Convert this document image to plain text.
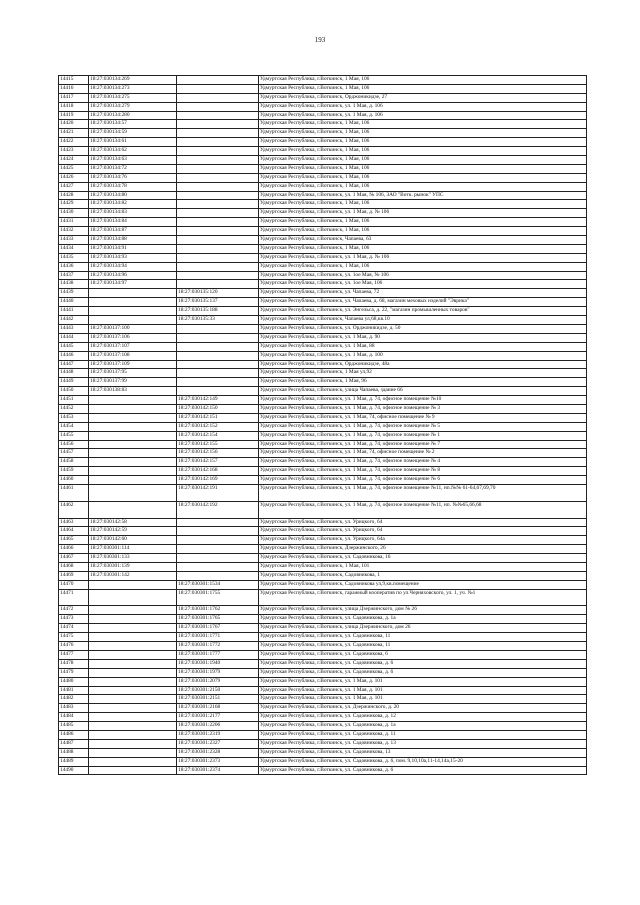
193
14415	18:27:030134:269		Удмуртская Республика, г.Воткинск, 1 Мая, 106
14416	18:27:030134:273		Удмуртская Республика, г.Воткинск, 1 Мая, 106
14417	18:27:030134:275		Удмуртская Республика, г.Воткинск, Орджоникидзе, 27
14418	18:27:030134:279		Удмуртская Республика, г.Воткинск, ул. 1 Мая, д. 106
14419	18:27:030134:280		Удмуртская Республика, г.Воткинск, ул. 1 Мая, д. 106
14420	18:27:030134:57		Удмуртская Республика, г.Воткинск, 1 Мая, 106
14421	18:27:030134:59		Удмуртская Республика, г.Воткинск, 1 Мая, 106
14422	18:27:030134:61		Удмуртская Республика, г.Воткинск, 1 Мая, 106
14423	18:27:030134:62		Удмуртская Республика, г.Воткинск, 1 Мая, 106
14424	18:27:030134:63		Удмуртская Республика, г.Воткинск, 1 Мая, 106
14425	18:27:030134:72		Удмуртская Республика, г.Воткинск, 1 Мая, 106
14426	18:27:030134:76		Удмуртская Республика, г.Воткинск, 1 Мая, 106
14427	18:27:030134:78		Удмуртская Республика, г.Воткинск, 1 Мая, 106
14428	18:27:030134:80		Удмуртская Республика, г.Воткинск, ул. 1 Мая, № 106, ЗАО "Вотк. рынок" УПС
14429	18:27:030134:82		Удмуртская Республика, г.Воткинск, 1 Мая, 106
14430	18:27:030134:83		Удмуртская Республика, г.Воткинск, ул. 1 Мая, д. № 106
14431	18:27:030134:84		Удмуртская Республика, г.Воткинск, 1 Мая, 106
14432	18:27:030134:87		Удмуртская Республика, г.Воткинск, 1 Мая, 106
14433	18:27:030134:88		Удмуртская Республика, г.Воткинск, Чапаева, 63
14434	18:27:030134:91		Удмуртская Республика, г.Воткинск, 1 Мая, 106
14435	18:27:030134:93		Удмуртская Республика, г.Воткинск, ул. 1 Мая, д. № 106
14436	18:27:030134:94		Удмуртская Республика, г.Воткинск, 1 Мая, 106
14437	18:27:030134:96		Удмуртская Республика, г.Воткинск, ул. 1ое Мая, № 106
14438	18:27:030134:97		Удмуртская Республика, г.Воткинск, ул. 1ое Мая, 106
14439		18:27:030135:120	Удмуртская Республика, г.Воткинск, ул. Чапаева, 72
14440		18:27:030135:137	Удмуртская Республика, г.Воткинск, ул. Чапаева, д. 68, магазин меховых изделий "Эврика"
14441		18:27:030135:188	Удмуртская Республика, г.Воткинск, ул. Энгельса, д. 22, "магазин промышленных товаров"
14442		18:27:030135:33	Удмуртская Республика, г.Воткинск, Чапаева ул,68,кв.10
14443	18:27:030137:100		Удмуртская Республика, г.Воткинск, ул. Орджоникидзе, д. 50
14444	18:27:030137:106		Удмуртская Республика, г.Воткинск, ул. 1 Мая, д. 90
14445	18:27:030137:107		Удмуртская Республика, г.Воткинск, ул. 1 Мая, 88
14446	18:27:030137:108		Удмуртская Республика, г.Воткинск, ул. 1 Мая, д. 100
14447	18:27:030137:109		Удмуртская Республика, г.Воткинск, Орджоникидзе, 48а
14448	18:27:030137:95		Удмуртская Республика, г.Воткинск, 1 Мая ул,92
14449	18:27:030137:99		Удмуртская Республика, г.Воткинск, 1 Мая, 96
14450	18:27:030138:83		Удмуртская Республика, г.Воткинск, улица Чапаева, здание 66
14451		18:27:030142:149	Удмуртская Республика, г.Воткинск, ул. 1 Мая, д. 74, офисное помещение №10
14452		18:27:030142:150	Удмуртская Республика, г.Воткинск, ул. 1 Мая, д. 74, офисное помещение № 3
14453		18:27:030142:151	Удмуртская Республика, г.Воткинск, ул. 1 Мая, 74, офисное помещение № 9
14454		18:27:030142:152	Удмуртская Республика, г.Воткинск, ул. 1 Мая, д. 74, офисное помещение № 5
14455		18:27:030142:154	Удмуртская Республика, г.Воткинск, ул. 1 Мая, д. 74, офисное помещение № 1
14456		18:27:030142:155	Удмуртская Республика, г.Воткинск, ул. 1 Мая, д. 74, офисное помещение № 7
14457		18:27:030142:156	Удмуртская Республика, г.Воткинск, ул. 1 Мая, 74, офисное помещение № 2
14458		18:27:030142:157	Удмуртская Республика, г.Воткинск, ул. 1 Мая, д. 74, офисное помещение № 4
14459		18:27:030142:168	Удмуртская Республика, г.Воткинск, ул. 1 Мая, д. 74, офисное помещение № 8
14460		18:27:030142:169	Удмуртская Республика, г.Воткинск, ул. 1 Мая, д. 74, офисное помещение № 6
14461		18:27:030142:191	Удмуртская Республика, г.Воткинск, ул. 1 Мая, д. 74, офисное помещение №11, нп.№№ 61-64,67,69,70
14462		18:27:030142:192	Удмуртская Республика, г.Воткинск, ул. 1 Мая, д. 74, офисное помещение №11, нп. №№65,66,68
14463	18:27:030142:58		Удмуртская Республика, г.Воткинск, ул. Урицкого, 64
14464	18:27:030142:59		Удмуртская Республика, г.Воткинск, ул. Урицкого, 64
14465	18:27:030142:60		Удмуртская Республика, г.Воткинск, ул. Урицкого, 64а
14466	18:27:030301:114		Удмуртская Республика, г.Воткинск, Дзержинского, 26
14467	18:27:030301:133		Удмуртская Республика, г.Воткинск, ул. Садовникова, 16
14468	18:27:030301:139		Удмуртская Республика, г.Воткинск, 1 Мая, 101
14469	18:27:030301:142		Удмуртская Республика, г.Воткинск, Садовникова, 1
14470		18:27:030301:1534	Удмуртская Республика, г.Воткинск, Садовникова ул,9,кв.помещение
14471		18:27:030301:1755	Удмуртская Республика, г.Воткинск, гаражный кооператив по ул.Черняховского, ул. 1, уч. №1
14472		18:27:030301:1762	Удмуртская Республика, г.Воткинск, улица Дзержинского, дом № 26
14473		18:27:030301:1765	Удмуртская Республика, г.Воткинск, ул. Садовникова, д. 1а
14474		18:27:030301:1767	Удмуртская Республика, г.Воткинск, улица Дзержинского, дом 26
14475		18:27:030301:1771	Удмуртская Республика, г.Воткинск, ул. Садовникова, 11
14476		18:27:030301:1772	Удмуртская Республика, г.Воткинск, ул. Садовникова, 11
14477		18:27:030301:1777	Удмуртская Республика, г.Воткинск, ул. Садовникова, 6
14478		18:27:030301:1940	Удмуртская Республика, г.Воткинск, ул. Садовникова, д. 6
14479		18:27:030301:1979	Удмуртская Республика, г.Воткинск, ул. Садовникова, д. 6
14480		18:27:030301:2079	Удмуртская Республика, г.Воткинск, ул. 1 Мая, д. 101
14481		18:27:030301:2150	Удмуртская Республика, г.Воткинск, ул. 1 Мая, д. 101
14482		18:27:030301:2151	Удмуртская Республика, г.Воткинск, ул. 1 Мая, д. 101
14483		18:27:030301:2168	Удмуртская Республика, г.Воткинск, ул. Дзержинского, д. 20
14484		18:27:030301:2177	Удмуртская Республика, г.Воткинск, ул. Садовникова, д. 12
14485		18:27:030301:2206	Удмуртская Республика, г.Воткинск, ул. Садовникова, д. 1а
14486		18:27:030301:2319	Удмуртская Республика, г.Воткинск, ул. Садовникова, д. 11
14487		18:27:030301:2327	Удмуртская Республика, г.Воткинск, ул. Садовникова, д. 13
14488		18:27:030301:2328	Удмуртская Республика, г.Воткинск, ул. Садовникова, 13
14489		18:27:030301:2373	Удмуртская Республика, г.Воткинск, ул. Садовникова, д. 6, пом. 9,10,10а,11-14,14а,15-20
14490		18:27:030301:2374	Удмуртская Республика, г.Воткинск, ул. Садовникова, д. 6
